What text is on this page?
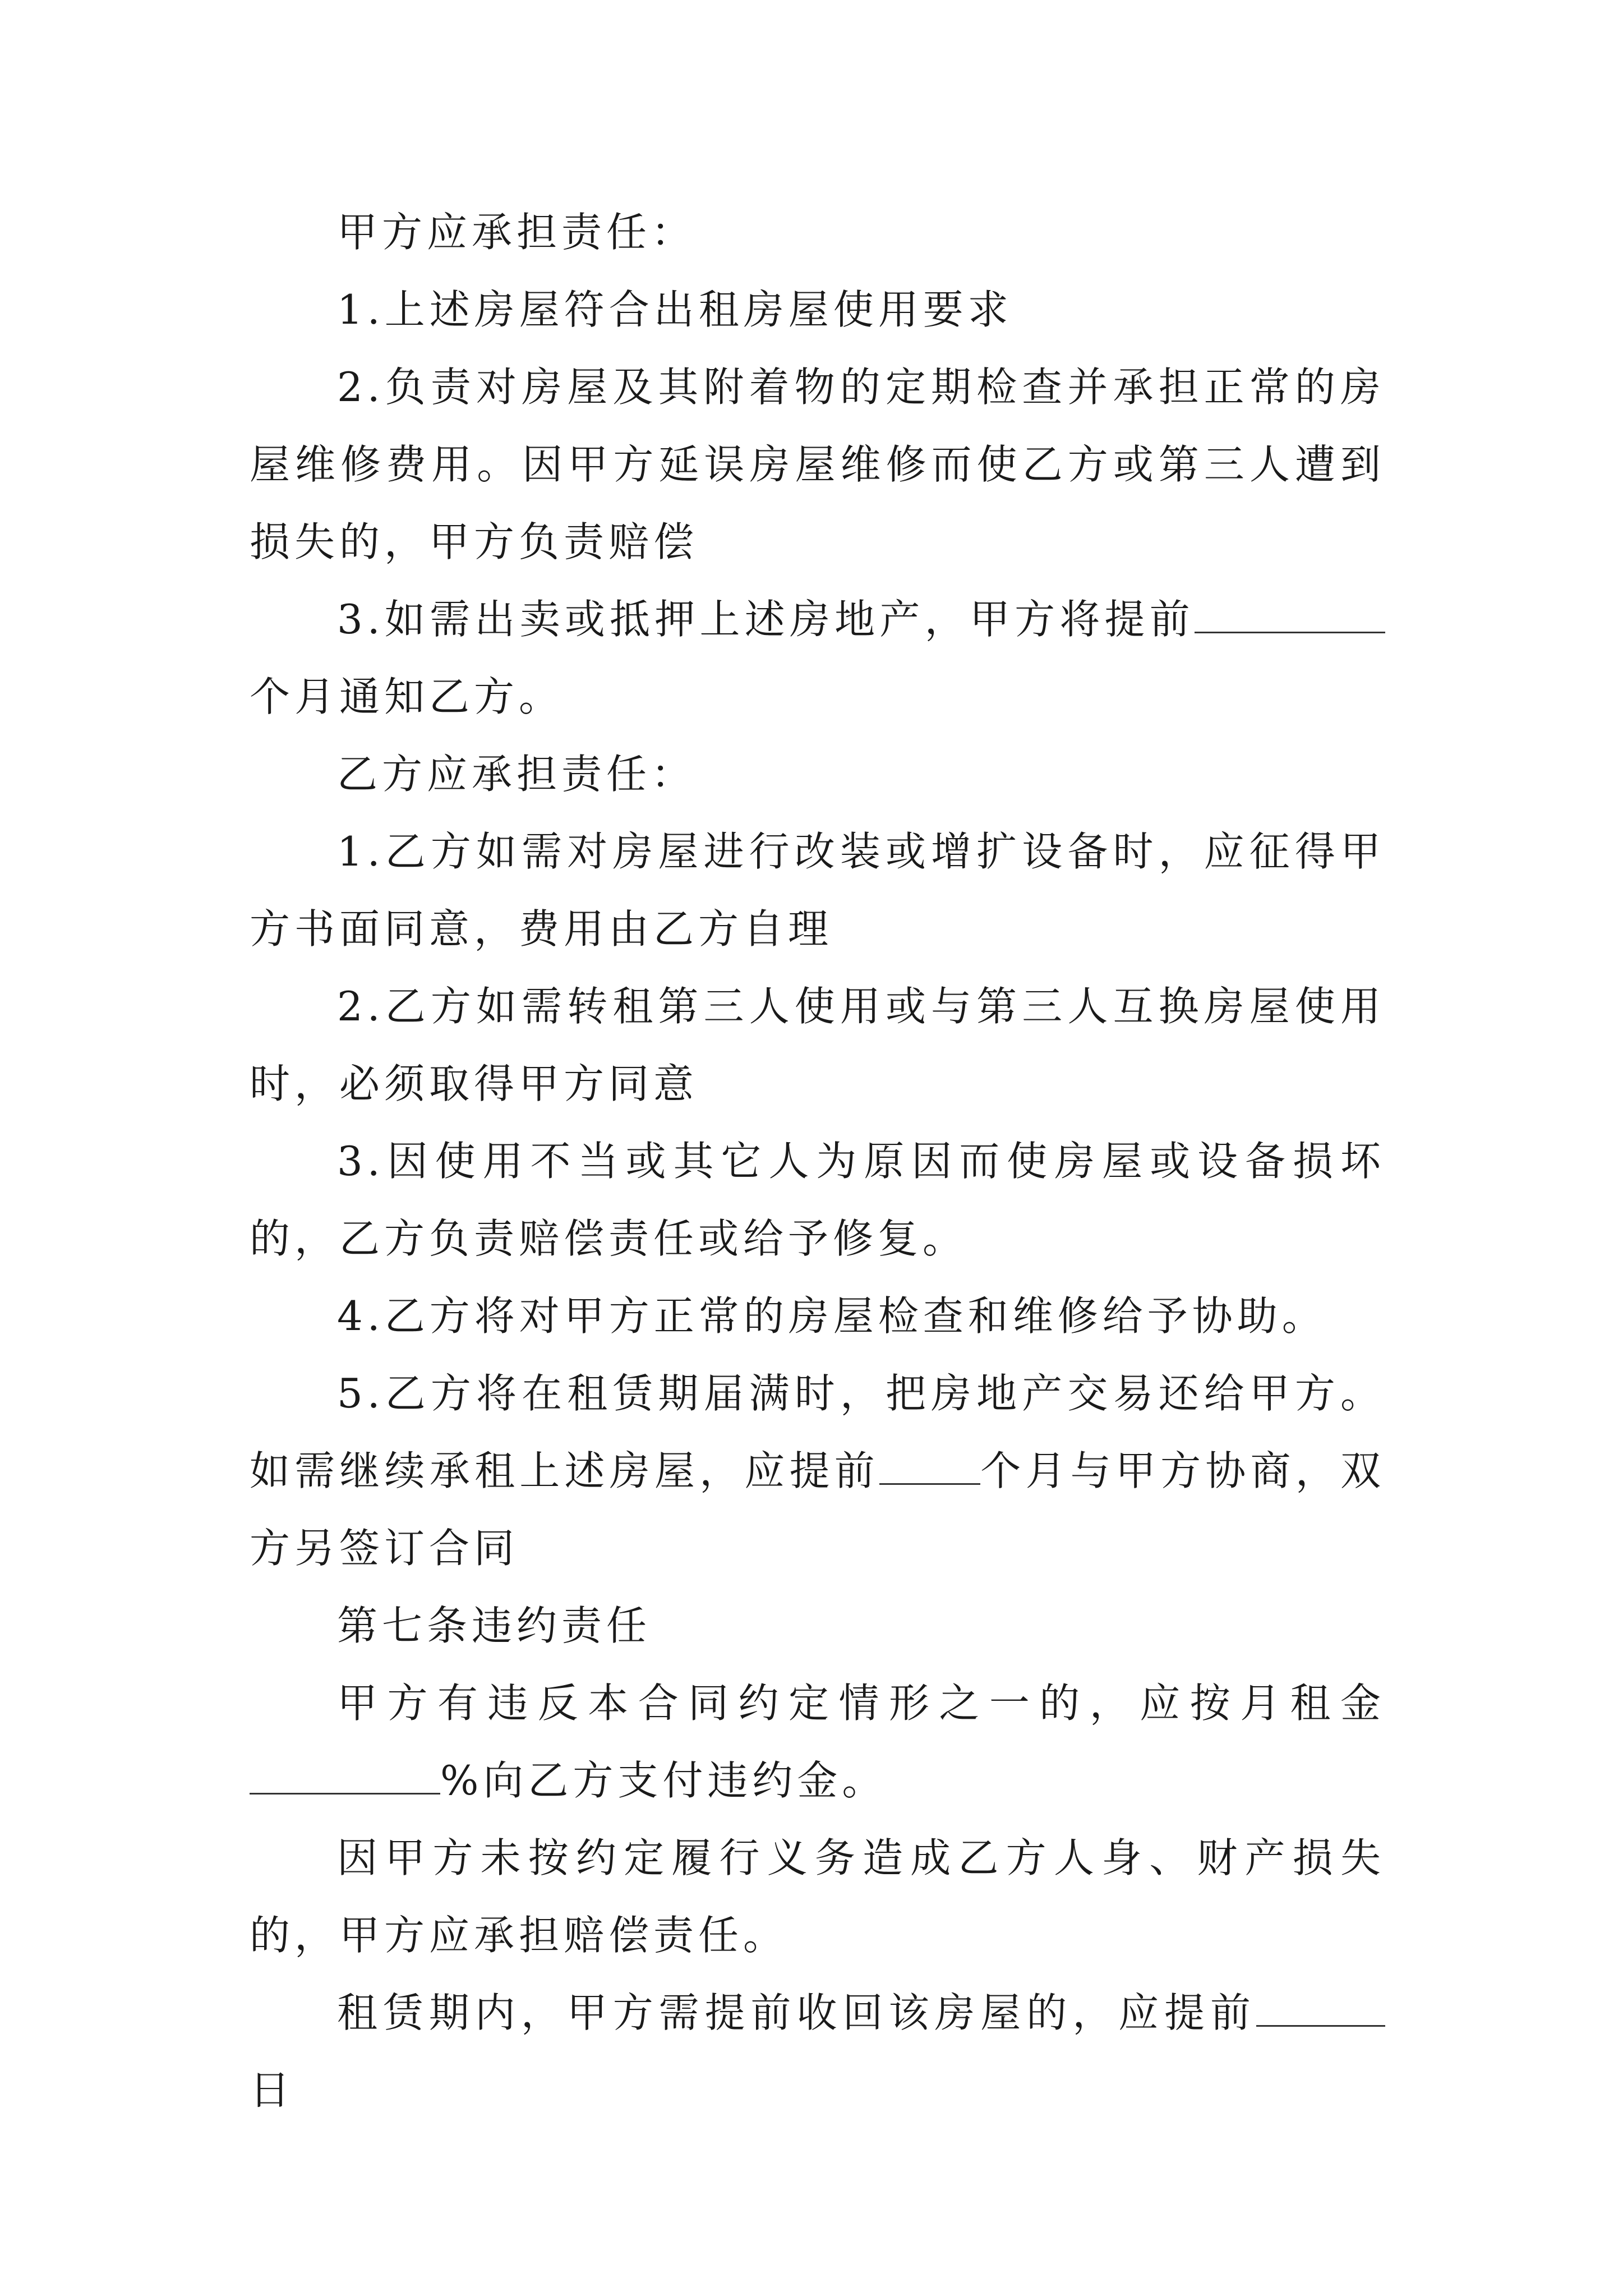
甲方应承担责任：

1.上述房屋符合出租房屋使用要求

2.负责对房屋及其附着物的定期检查并承担正常的房屋维修费用。因甲方延误房屋维修而使乙方或第三人遭到损失的，甲方负责赔偿

3.如需出卖或抵押上述房地产，甲方将提前个月通知乙方。

乙方应承担责任：

1.乙方如需对房屋进行改装或增扩设备时，应征得甲方书面同意，费用由乙方自理

2.乙方如需转租第三人使用或与第三人互换房屋使用时，必须取得甲方同意

3.因使用不当或其它人为原因而使房屋或设备损坏的，乙方负责赔偿责任或给予修复。

4.乙方将对甲方正常的房屋检查和维修给予协助。

5.乙方将在租赁期届满时，把房地产交易还给甲方。如需继续承租上述房屋，应提前	个月与甲方协商，双方另签订合同

第七条违约责任

甲方有违反本合同约定情形之一的，应按月租金%向乙方支付违约金。

因甲方未按约定履行义务造成乙方人身、财产损失的，甲方应承担赔偿责任。

租赁期内，甲方需提前收回该房屋的，应提前日
